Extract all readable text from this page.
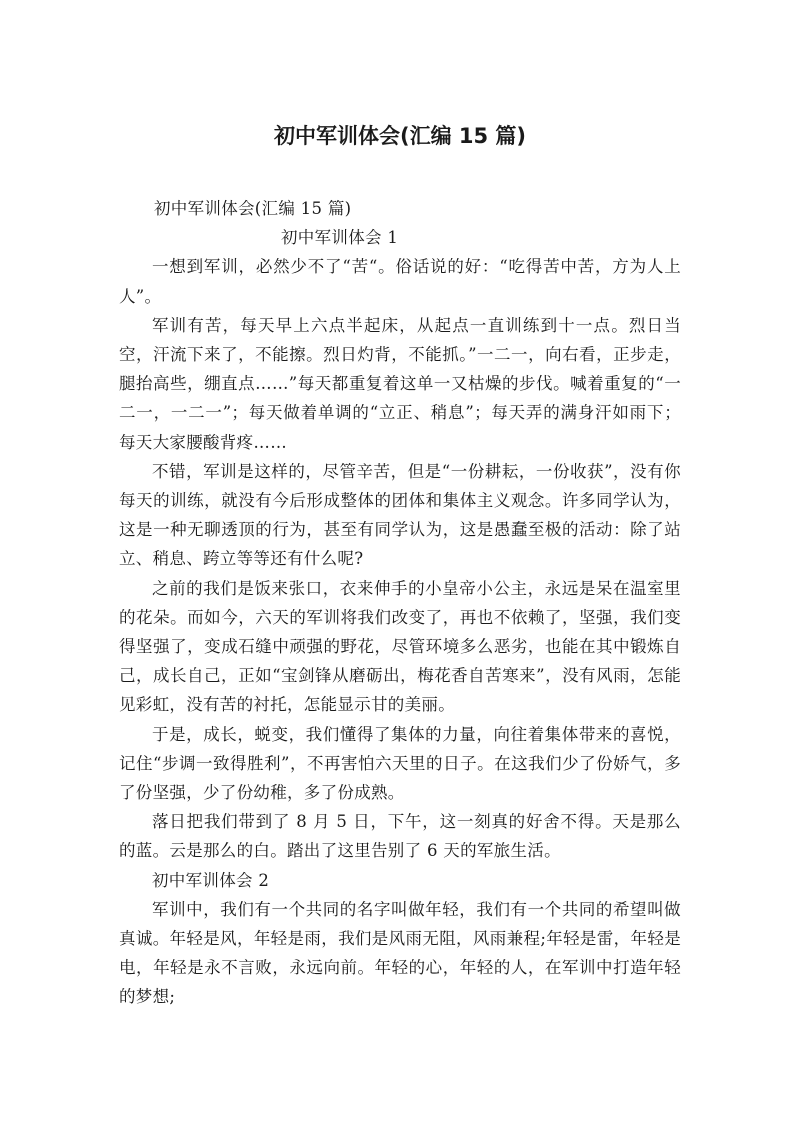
初中军训体会(汇编 15 篇)

初中军训体会(汇编 15 篇)

初中军训体会 1

一想到军训，必然少不了“苦“。俗话说的好：“吃得苦中苦，方为人上人”。

军训有苦，每天早上六点半起床，从起点一直训练到十一点。烈日当空，汗流下来了，不能擦。烈日灼背，不能抓。”一二一，向右看，正步走，腿抬高些，绷直点……”每天都重复着这单一又枯燥的步伐。喊着重复的“一二一，一二一”；每天做着单调的“立正、稍息”；每天弄的满身汗如雨下；每天大家腰酸背疼……

不错，军训是这样的，尽管辛苦，但是“一份耕耘，一份收获”，没有你每天的训练，就没有今后形成整体的团体和集体主义观念。许多同学认为，这是一种无聊透顶的行为，甚至有同学认为，这是愚蠢至极的活动：除了站立、稍息、跨立等等还有什么呢?

之前的我们是饭来张口，衣来伸手的小皇帝小公主，永远是呆在温室里的花朵。而如今，六天的军训将我们改变了，再也不依赖了，坚强，我们变得坚强了，变成石缝中顽强的野花，尽管环境多么恶劣，也能在其中锻炼自己，成长自己，正如“宝剑锋从磨砺出，梅花香自苦寒来”，没有风雨，怎能见彩虹，没有苦的衬托，怎能显示甘的美丽。

于是，成长，蜕变，我们懂得了集体的力量，向往着集体带来的喜悦，记住“步调一致得胜利”，不再害怕六天里的日子。在这我们少了份娇气，多了份坚强，少了份幼稚，多了份成熟。

落日把我们带到了 8 月 5 日，下午，这一刻真的好舍不得。天是那么的蓝。云是那么的白。踏出了这里告别了 6 天的军旅生活。

初中军训体会 2

军训中，我们有一个共同的名字叫做年轻，我们有一个共同的希望叫做真诚。年轻是风，年轻是雨，我们是风雨无阻，风雨兼程;年轻是雷，年轻是电，年轻是永不言败，永远向前。年轻的心，年轻的人，在军训中打造年轻的梦想;
